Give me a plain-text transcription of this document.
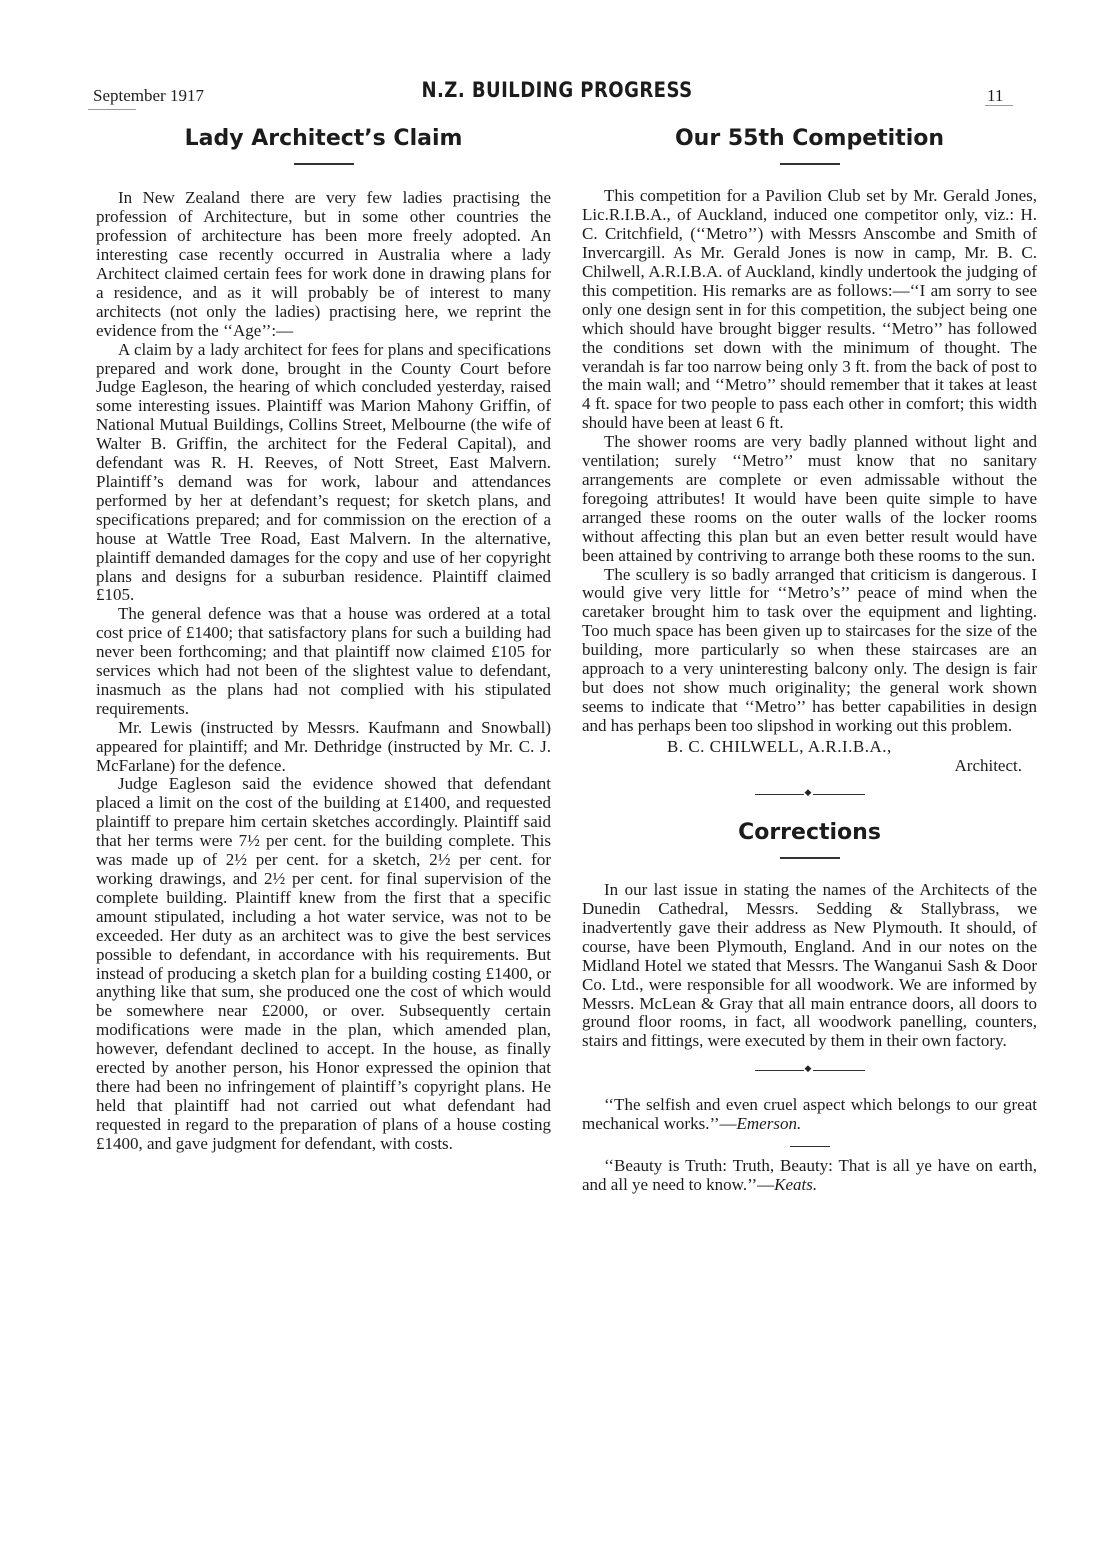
September 1917	N.Z. BUILDING PROGRESS	11
Lady Architect’s Claim

In New Zealand there are very few ladies practising the profession of Architecture, but in some other countries the profession of architecture has been more freely adopted. An interesting case recently occurred in Australia where a lady Architect claimed certain fees for work done in drawing plans for a residence, and as it will probably be of interest to many architects (not only the ladies) practising here, we reprint the evidence from the ‘‘Age’’:—

A claim by a lady architect for fees for plans and specifications prepared and work done, brought in the County Court before Judge Eagleson, the hearing of which concluded yesterday, raised some interesting issues. Plaintiff was Marion Mahony Griffin, of National Mutual Buildings, Collins Street, Melbourne (the wife of Walter B. Griffin, the architect for the Federal Capital), and defendant was R. H. Reeves, of Nott Street, East Malvern. Plaintiff’s demand was for work, labour and attendances performed by her at defendant’s request; for sketch plans, and specifications prepared; and for commission on the erection of a house at Wattle Tree Road, East Malvern. In the alternative, plaintiff demanded damages for the copy and use of her copyright plans and designs for a suburban residence. Plaintiff claimed £105.

The general defence was that a house was ordered at a total cost price of £1400; that satisfactory plans for such a building had never been forthcoming; and that plaintiff now claimed £105 for services which had not been of the slightest value to defendant, inasmuch as the plans had not complied with his stipulated requirements.

Mr. Lewis (instructed by Messrs. Kaufmann and Snowball) appeared for plaintiff; and Mr. Dethridge (instructed by Mr. C. J. McFarlane) for the defence.

Judge Eagleson said the evidence showed that defendant placed a limit on the cost of the building at £1400, and requested plaintiff to prepare him certain sketches accordingly. Plaintiff said that her terms were 7½ per cent. for the building complete. This was made up of 2½ per cent. for a sketch, 2½ per cent. for working drawings, and 2½ per cent. for final supervision of the complete building. Plaintiff knew from the first that a specific amount stipulated, including a hot water service, was not to be exceeded. Her duty as an architect was to give the best services possible to defendant, in accordance with his requirements. But instead of producing a sketch plan for a building costing £1400, or anything like that sum, she produced one the cost of which would be somewhere near £2000, or over. Subsequently certain modifications were made in the plan, which amended plan, however, defendant declined to accept. In the house, as finally erected by another person, his Honor expressed the opinion that there had been no infringement of plaintiff’s copyright plans. He held that plaintiff had not carried out what defendant had requested in regard to the preparation of plans of a house costing £1400, and gave judgment for defendant, with costs.

Our 55th Competition

This competition for a Pavilion Club set by Mr. Gerald Jones, Lic.R.I.B.A., of Auckland, induced one competitor only, viz.: H. C. Critchfield, (‘‘Metro’’) with Messrs Anscombe and Smith of Invercargill. As Mr. Gerald Jones is now in camp, Mr. B. C. Chilwell, A.R.I.B.A. of Auckland, kindly undertook the judging of this competition. His remarks are as follows:—‘‘I am sorry to see only one design sent in for this competition, the subject being one which should have brought bigger results. ‘‘Metro’’ has followed the conditions set down with the minimum of thought. The verandah is far too narrow being only 3 ft. from the back of post to the main wall; and ‘‘Metro’’ should remember that it takes at least 4 ft. space for two people to pass each other in comfort; this width should have been at least 6 ft.

The shower rooms are very badly planned without light and ventilation; surely ‘‘Metro’’ must know that no sanitary arrangements are complete or even admissable without the foregoing attributes! It would have been quite simple to have arranged these rooms on the outer walls of the locker rooms without affecting this plan but an even better result would have been attained by contriving to arrange both these rooms to the sun.

The scullery is so badly arranged that criticism is dangerous. I would give very little for ‘‘Metro’s’’ peace of mind when the caretaker brought him to task over the equipment and lighting. Too much space has been given up to staircases for the size of the building, more particularly so when these staircases are an approach to a very uninteresting balcony only. The design is fair but does not show much originality; the general work shown seems to indicate that ‘‘Metro’’ has better capabilities in design and has perhaps been too slipshod in working out this problem.

B. C. CHILWELL, A.R.I.B.A.,
Architect.
◆
Corrections

In our last issue in stating the names of the Architects of the Dunedin Cathedral, Messrs. Sedding & Stallybrass, we inadvertently gave their address as New Plymouth. It should, of course, have been Plymouth, England. And in our notes on the Midland Hotel we stated that Messrs. The Wanganui Sash & Door Co. Ltd., were responsible for all woodwork. We are informed by Messrs. McLean & Gray that all main entrance doors, all doors to ground floor rooms, in fact, all woodwork panelling, counters, stairs and fittings, were executed by them in their own factory.

◆

‘‘The selfish and even cruel aspect which belongs to our great mechanical works.’’—Emerson.

‘‘Beauty is Truth: Truth, Beauty: That is all ye have on earth, and all ye need to know.’’—Keats.
